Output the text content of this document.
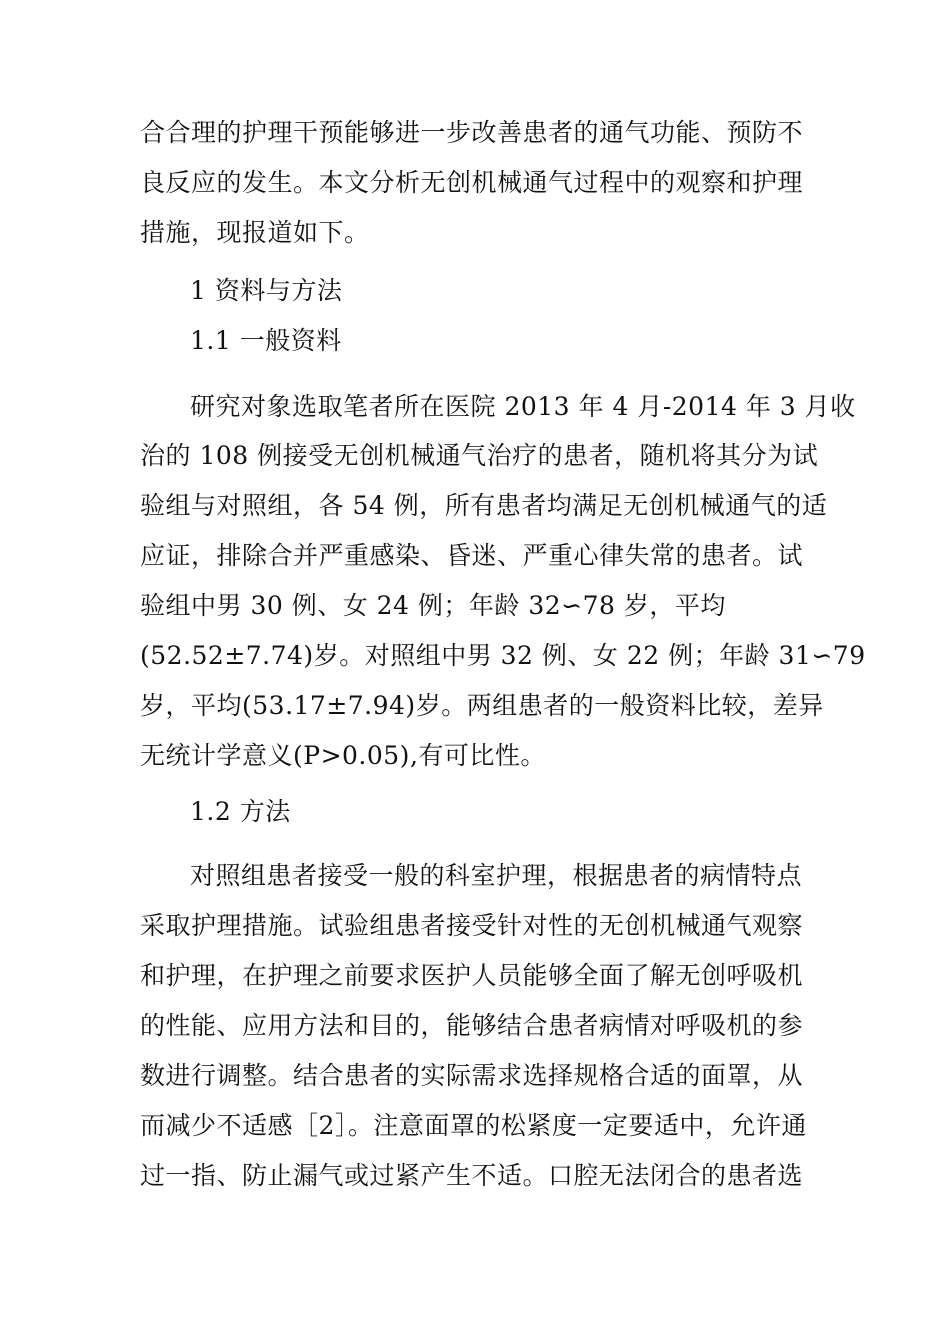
合合理的护理干预能够进一步改善患者的通气功能、预防不
良反应的发生。本文分析无创机械通气过程中的观察和护理
措施，现报道如下。
1 资料与方法
1.1 一般资料
研究对象选取笔者所在医院 2013 年 4 月-2014 年 3 月收
治的 108 例接受无创机械通气治疗的患者，随机将其分为试
验组与对照组，各 54 例，所有患者均满足无创机械通气的适
应证，排除合并严重感染、昏迷、严重心律失常的患者。试
验组中男 30 例、女 24 例；年龄 32∽78 岁，平均
(52.52±7.74)岁。对照组中男 32 例、女 22 例；年龄 31∽79
岁，平均(53.17±7.94)岁。两组患者的一般资料比较，差异
无统计学意义(P>0.05),有可比性。
1.2 方法
对照组患者接受一般的科室护理，根据患者的病情特点
采取护理措施。试验组患者接受针对性的无创机械通气观察
和护理，在护理之前要求医护人员能够全面了解无创呼吸机
的性能、应用方法和目的，能够结合患者病情对呼吸机的参
数进行调整。结合患者的实际需求选择规格合适的面罩，从
而减少不适感［2］。注意面罩的松紧度一定要适中，允许通
过一指、防止漏气或过紧产生不适。口腔无法闭合的患者选
